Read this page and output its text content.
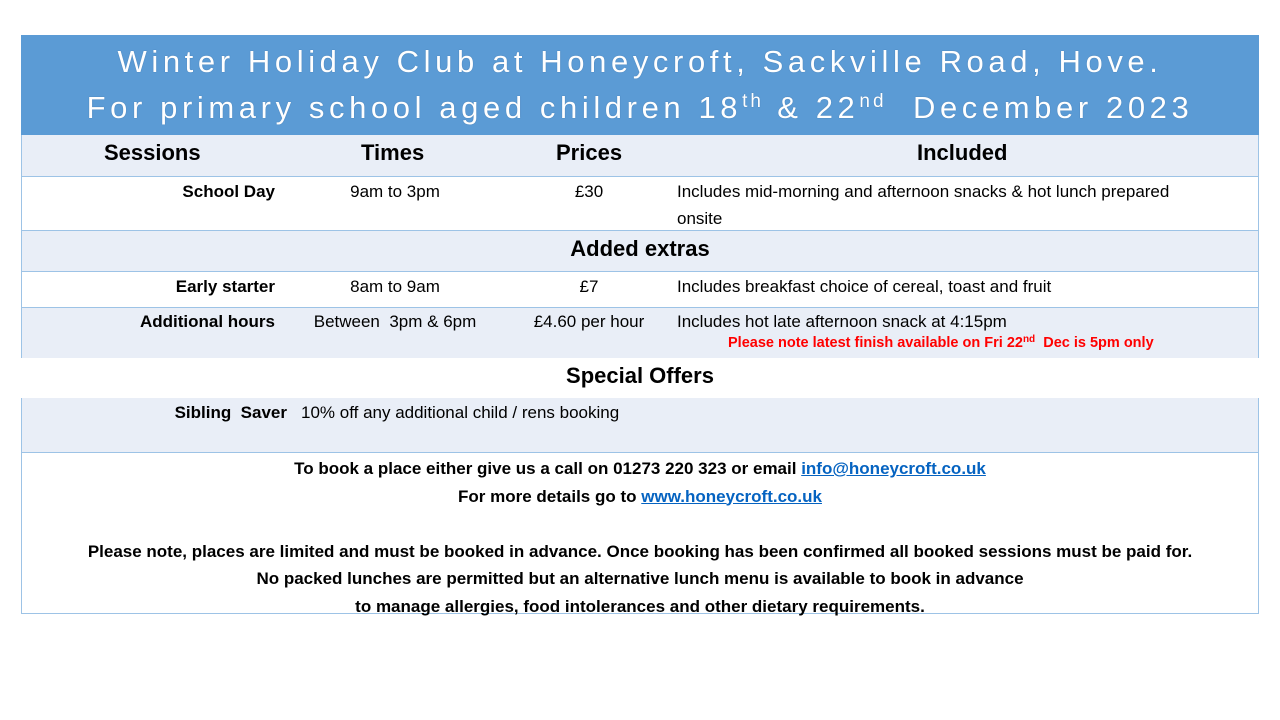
Winter Holiday Club at Honeycroft, Sackville Road, Hove.
For primary school aged children 18th & 22nd  December 2023
Sessions	Times	Prices	Included
School Day	9am to 3pm	£30	Includes mid-morning and afternoon snacks & hot lunch prepared
onsite
Added extras
Early starter	8am to 9am	£7	Includes breakfast choice of cereal, toast and fruit
Additional hours	Between  3pm & 6pm	£4.60 per hour	Includes hot late afternoon snack at 4:15pm
Please note latest finish available on Fri 22nd  Dec is 5pm only
Special Offers
Sibling  Saver 10% off any additional child / rens booking
To book a place either give us a call on 01273 220 323 or email info@honeycroft.co.uk
For more details go to www.honeycroft.co.uk
Please note, places are limited and must be booked in advance. Once booking has been confirmed all booked sessions must be paid for.
No packed lunches are permitted but an alternative lunch menu is available to book in advance
to manage allergies, food intolerances and other dietary requirements.
